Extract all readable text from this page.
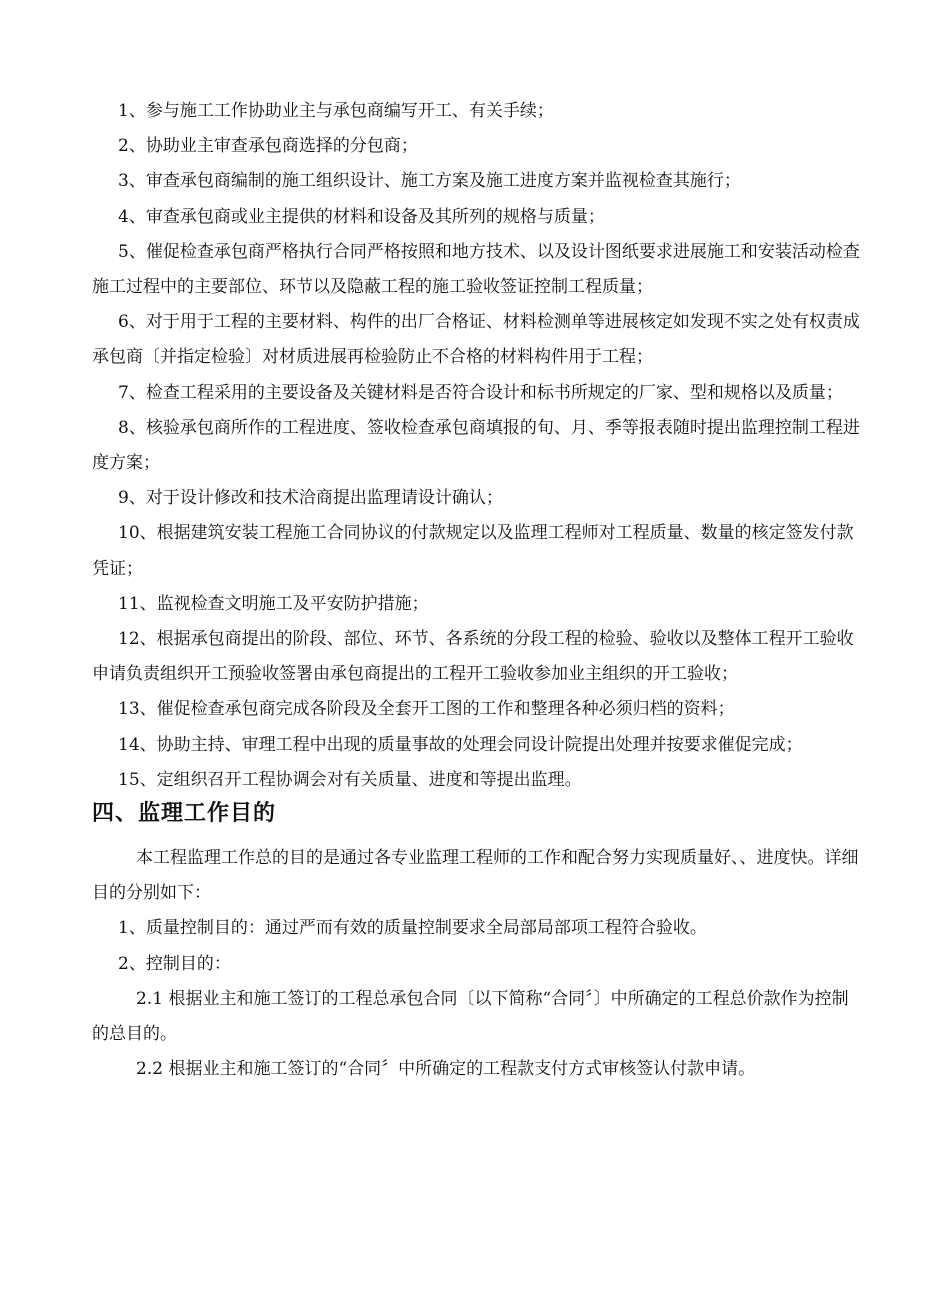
1、参与施工工作协助业主与承包商编写开工、有关手续；

2、协助业主审查承包商选择的分包商；

3、审查承包商编制的施工组织设计、施工方案及施工进度方案并监视检查其施行；

4、审查承包商或业主提供的材料和设备及其所列的规格与质量；

5、催促检查承包商严格执行合同严格按照和地方技术、以及设计图纸要求进展施工和安装活动检查施工过程中的主要部位、环节以及隐蔽工程的施工验收签证控制工程质量；

6、对于用于工程的主要材料、构件的出厂合格证、材料检测单等进展核定如发现不实之处有权责成承包商〔并指定检验〕对材质进展再检验防止不合格的材料构件用于工程；

7、检查工程采用的主要设备及关键材料是否符合设计和标书所规定的厂家、型和规格以及质量；

8、核验承包商所作的工程进度、签收检查承包商填报的旬、月、季等报表随时提出监理控制工程进度方案；

9、对于设计修改和技术洽商提出监理请设计确认；

10、根据建筑安装工程施工合同协议的付款规定以及监理工程师对工程质量、数量的核定签发付款凭证；

11、监视检查文明施工及平安防护措施；

12、根据承包商提出的阶段、部位、环节、各系统的分段工程的检验、验收以及整体工程开工验收申请负责组织开工预验收签署由承包商提出的工程开工验收参加业主组织的开工验收；

13、催促检查承包商完成各阶段及全套开工图的工作和整理各种必须归档的资料；

14、协助主持、审理工程中出现的质量事故的处理会同设计院提出处理并按要求催促完成；

15、定组织召开工程协调会对有关质量、进度和等提出监理。

四、监理工作目的

本工程监理工作总的目的是通过各专业监理工程师的工作和配合努力实现质量好、、进度快。详细目的分别如下：

1、质量控制目的：通过严而有效的质量控制要求全局部局部项工程符合验收。

2、控制目的：

2.1 根据业主和施工签订的工程总承包合同〔以下简称“合同〞〕中所确定的工程总价款作为控制的总目的。

2.2 根据业主和施工签订的“合同〞中所确定的工程款支付方式审核签认付款申请。
